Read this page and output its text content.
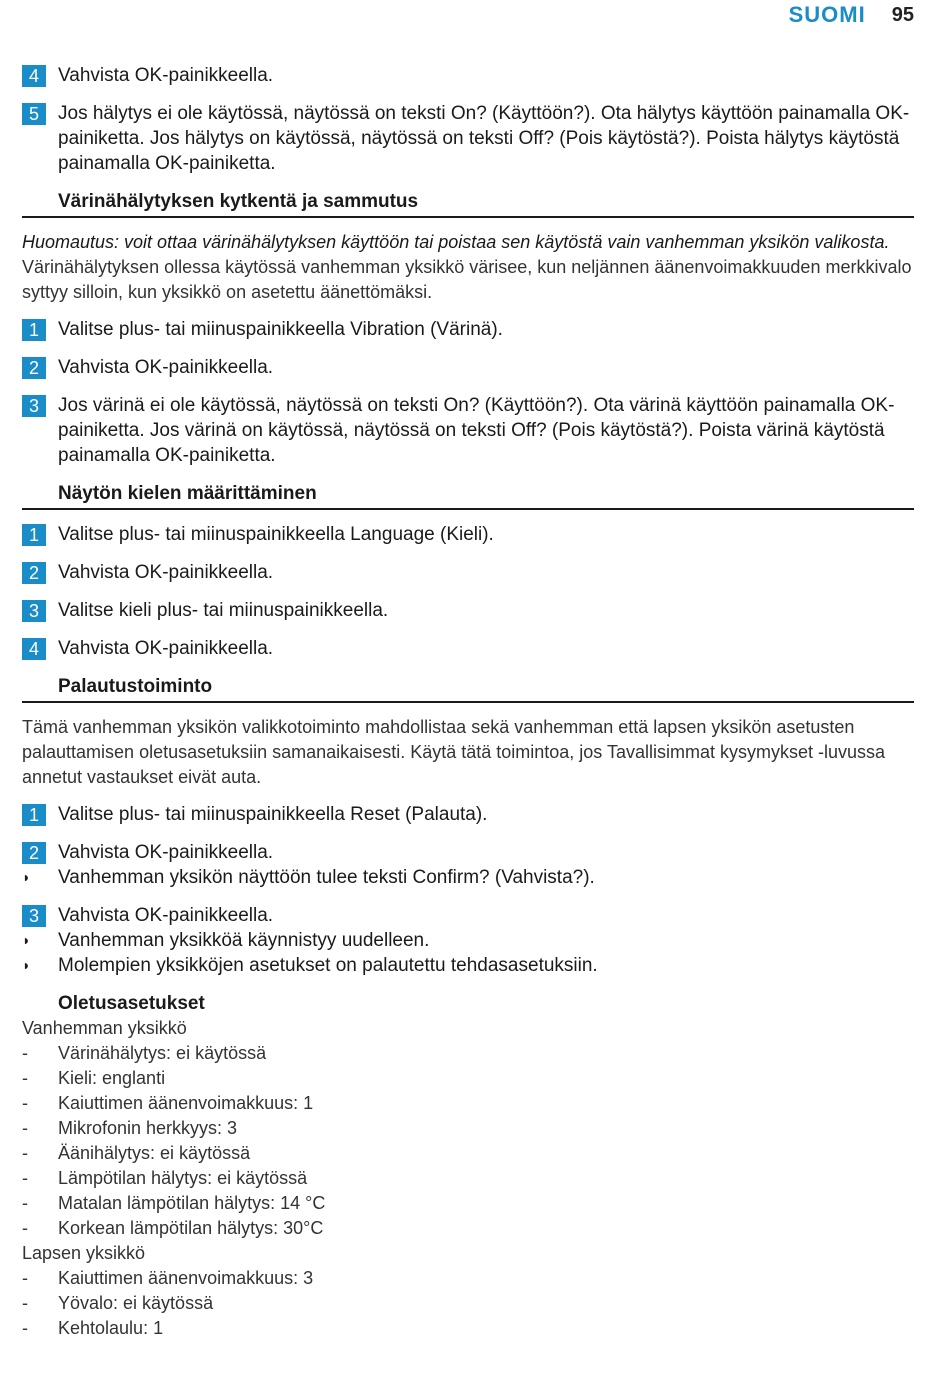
SUOMI 95
4	Vahvista OK-painikkeella.
5	Jos hälytys ei ole käytössä, näytössä on teksti On? (Käyttöön?). Ota hälytys käyttöön painamalla OK-painiketta. Jos hälytys on käytössä, näytössä on teksti Off? (Pois käytöstä?). Poista hälytys käytöstä painamalla OK-painiketta.
Värinähälytyksen kytkentä ja sammutus
Huomautus: voit ottaa värinähälytyksen käyttöön tai poistaa sen käytöstä vain vanhemman yksikön valikosta.
Värinähälytyksen ollessa käytössä vanhemman yksikkö värisee, kun neljännen äänenvoimakkuuden merkkivalo syttyy silloin, kun yksikkö on asetettu äänettömäksi.
1	Valitse plus- tai miinuspainikkeella Vibration (Värinä).
2	Vahvista OK-painikkeella.
3	Jos värinä ei ole käytössä, näytössä on teksti On? (Käyttöön?). Ota värinä käyttöön painamalla OK-painiketta. Jos värinä on käytössä, näytössä on teksti Off? (Pois käytöstä?). Poista värinä käytöstä painamalla OK-painiketta.
Näytön kielen määrittäminen
1	Valitse plus- tai miinuspainikkeella Language (Kieli).
2	Vahvista OK-painikkeella.
3	Valitse kieli plus- tai miinuspainikkeella.
4	Vahvista OK-painikkeella.
Palautustoiminto
Tämä vanhemman yksikön valikkotoiminto mahdollistaa sekä vanhemman että lapsen yksikön asetusten palauttamisen oletusasetuksiin samanaikaisesti. Käytä tätä toimintoa, jos Tavallisimmat kysymykset -luvussa annetut vastaukset eivät auta.
1	Valitse plus- tai miinuspainikkeella Reset (Palauta).
2	Vahvista OK-painikkeella.
◗	Vanhemman yksikön näyttöön tulee teksti Confirm? (Vahvista?).
3	Vahvista OK-painikkeella.
◗	Vanhemman yksikköä käynnistyy uudelleen.
◗	Molempien yksikköjen asetukset on palautettu tehdasasetuksiin.
Oletusasetukset
Vanhemman yksikkö
-	Värinähälytys: ei käytössä
-	Kieli: englanti
-	Kaiuttimen äänenvoimakkuus: 1
-	Mikrofonin herkkyys: 3
-	Äänihälytys: ei käytössä
-	Lämpötilan hälytys: ei käytössä
-	Matalan lämpötilan hälytys: 14 °C
-	Korkean lämpötilan hälytys: 30°C
Lapsen yksikkö
-	Kaiuttimen äänenvoimakkuus: 3
-	Yövalo: ei käytössä
-	Kehtolaulu: 1
